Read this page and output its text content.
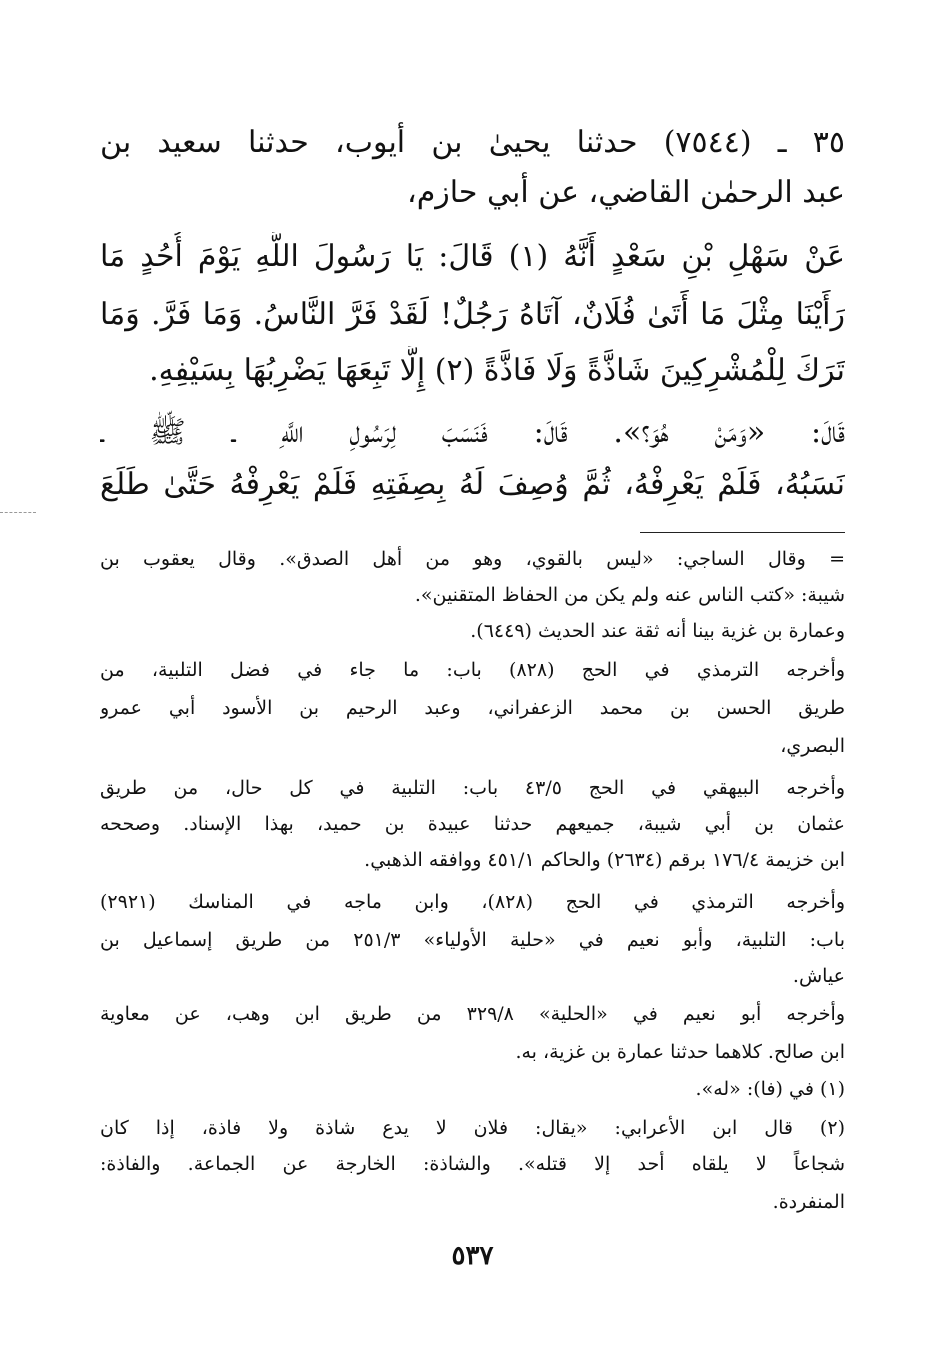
٣٥ ـ (٧٥٤٤) حدثنا يحيىٰ بن أيوب، حدثنا سعيد بن
عبد الرحمٰن القاضي، عن أبي حازم،
عَنْ سَهْلِ بْنِ سَعْدٍ أَنَّهُ (١) قَالَ: يَا رَسُولَ اللَّهِ يَوْمَ أُحُدٍ مَا
رَأَيْنَا مِثْلَ مَا أَتَىٰ فُلَانٌ، آتَاهُ رَجُلٌ! لَقَدْ فَرَّ النَّاسُ. وَمَا فَرَّ. وَمَا
تَرَكَ لِلْمُشْرِكِينَ شَاذَّةً وَلَا فَاذَّةً (٢) إِلَّا تَبِعَهَا يَضْرِبُهَا بِسَيْفِهِ.
قَالَ: «وَمَنْ هُوَ؟». قَالَ: فَنَسَبَ لِرَسُولِ اللَّهِ ـ ﷺ ـ
نَسَبُهُ، فَلَمْ يَعْرِفْهُ، ثُمَّ وُصِفَ لَهُ بِصِفَتِهِ فَلَمْ يَعْرِفْهُ حَتَّىٰ طَلَعَ
= وقال الساجي: «ليس بالقوي، وهو من أهل الصدق». وقال يعقوب بن
شيبة: «كتب الناس عنه ولم يكن من الحفاظ المتقنين».
وعمارة بن غزية بينا أنه ثقة عند الحديث (٦٤٤٩).
وأخرجه الترمذي في الحج (٨٢٨) باب: ما جاء في فضل التلبية، من
طريق الحسن بن محمد الزعفراني، وعبد الرحيم بن الأسود أبي عمرو
البصري،
وأخرجه البيهقي في الحج ٤٣/٥ باب: التلبية في كل حال، من طريق
عثمان بن أبي شيبة، جميعهم حدثنا عبيدة بن حميد، بهذا الإسناد. وصححه
ابن خزيمة ١٧٦/٤ برقم (٢٦٣٤) والحاكم ٤٥١/١ ووافقه الذهبي.
وأخرجه الترمذي في الحج (٨٢٨)، وابن ماجه في المناسك (٢٩٢١)
باب: التلبية، وأبو نعيم في «حلية الأولياء» ٢٥١/٣ من طريق إسماعيل بن
عياش.
وأخرجه أبو نعيم في «الحلية» ٣٢٩/٨ من طريق ابن وهب، عن معاوية
ابن صالح. كلاهما حدثنا عمارة بن غزية، به.
(١) في (فا): «له».
(٢) قال ابن الأعرابي: «يقال: فلان لا يدع شاذة ولا فاذة، إذا كان
شجاعاً لا يلقاه أحد إلا قتله». والشاذة: الخارجة عن الجماعة. والفاذة:
المنفردة.
٥٣٧
